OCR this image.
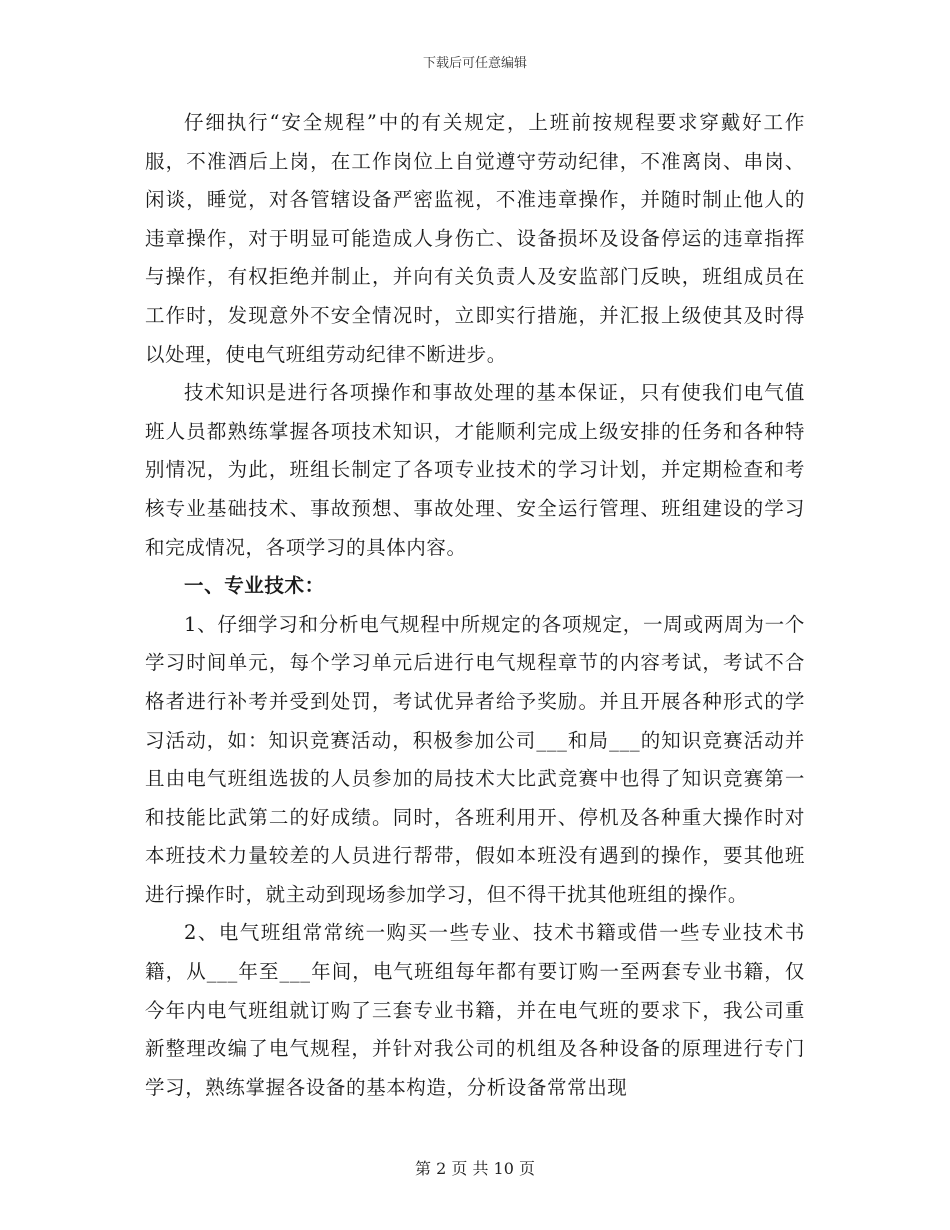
下载后可任意编辑

仔细执行“安全规程”中的有关规定，上班前按规程要求穿戴好工作服，不准酒后上岗，在工作岗位上自觉遵守劳动纪律，不准离岗、串岗、闲谈，睡觉，对各管辖设备严密监视，不准违章操作，并随时制止他人的违章操作，对于明显可能造成人身伤亡、设备损坏及设备停运的违章指挥与操作，有权拒绝并制止，并向有关负责人及安监部门反映，班组成员在工作时，发现意外不安全情况时，立即实行措施，并汇报上级使其及时得以处理，使电气班组劳动纪律不断进步。

技术知识是进行各项操作和事故处理的基本保证，只有使我们电气值班人员都熟练掌握各项技术知识，才能顺利完成上级安排的任务和各种特别情况，为此，班组长制定了各项专业技术的学习计划，并定期检查和考核专业基础技术、事故预想、事故处理、安全运行管理、班组建设的学习和完成情况，各项学习的具体内容。

一、专业技术：

1、仔细学习和分析电气规程中所规定的各项规定，一周或两周为一个学习时间单元，每个学习单元后进行电气规程章节的内容考试，考试不合格者进行补考并受到处罚，考试优异者给予奖励。并且开展各种形式的学习活动，如：知识竞赛活动，积极参加公司___和局___的知识竞赛活动并且由电气班组选拔的人员参加的局技术大比武竞赛中也得了知识竞赛第一和技能比武第二的好成绩。同时，各班利用开、停机及各种重大操作时对本班技术力量较差的人员进行帮带，假如本班没有遇到的操作，要其他班进行操作时，就主动到现场参加学习，但不得干扰其他班组的操作。

2、电气班组常常统一购买一些专业、技术书籍或借一些专业技术书籍，从___年至___年间，电气班组每年都有要订购一至两套专业书籍，仅今年内电气班组就订购了三套专业书籍，并在电气班的要求下，我公司重新整理改编了电气规程，并针对我公司的机组及各种设备的原理进行专门学习，熟练掌握各设备的基本构造，分析设备常常出现

第 2 页 共 10 页
